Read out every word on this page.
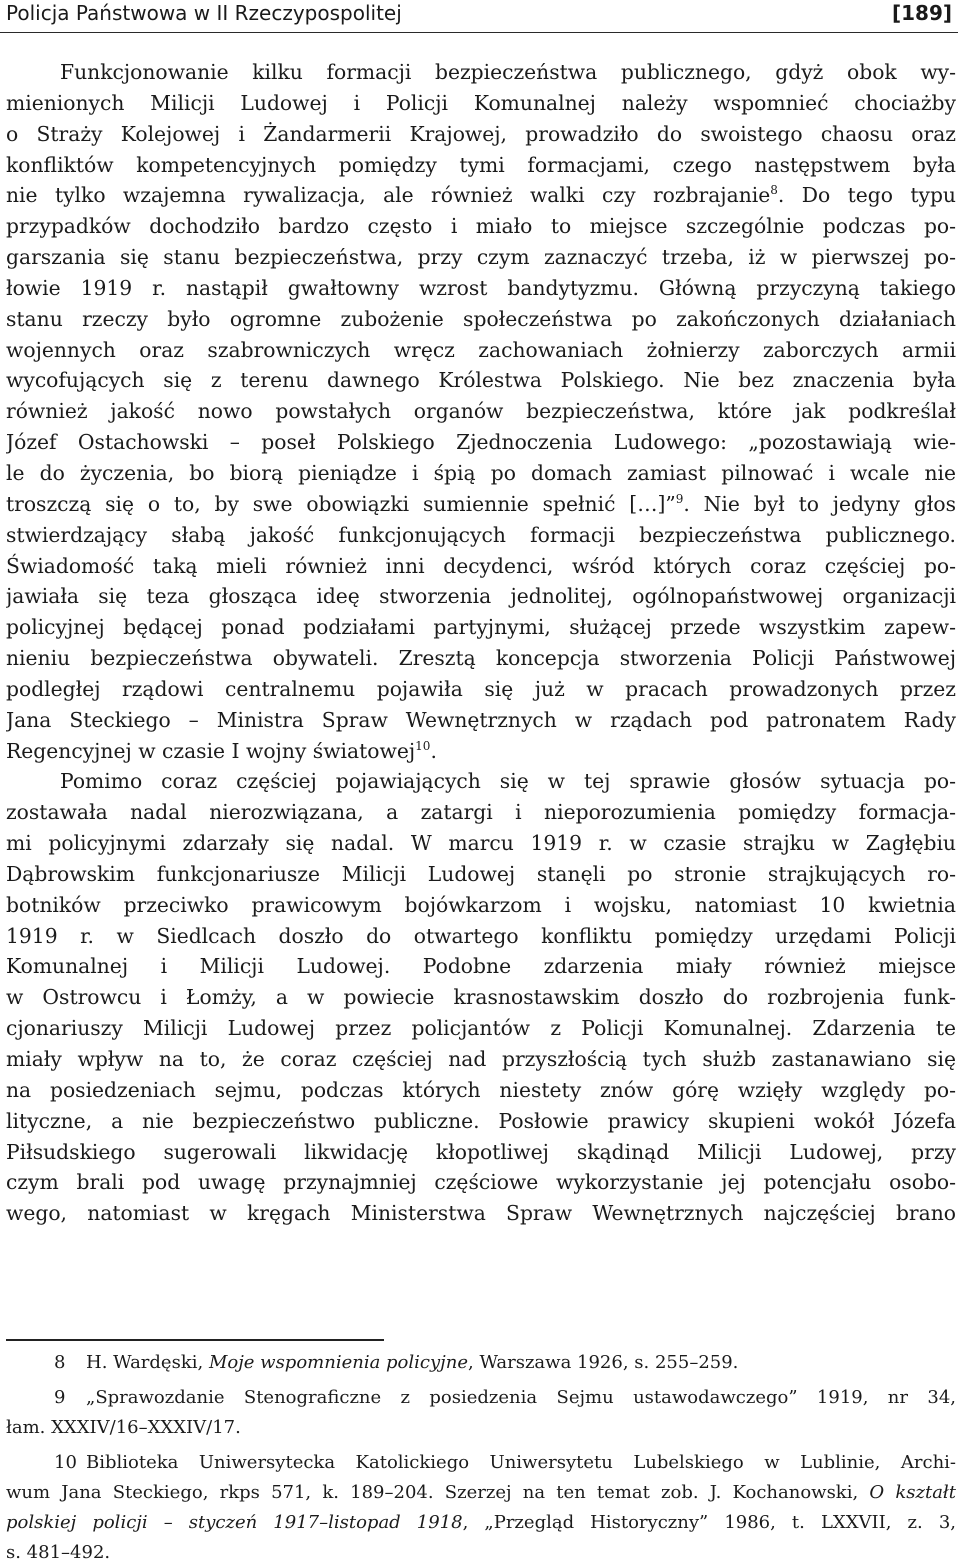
Policja Państwowa w II Rzeczypospolitej	[189]
Funkcjonowanie kilku formacji bezpieczeństwa publicznego, gdyż obok wy-
mienionych Milicji Ludowej i Policji Komunalnej należy wspomnieć chociażby
o Straży Kolejowej i Żandarmerii Krajowej, prowadziło do swoistego chaosu oraz
konfliktów kompetencyjnych pomiędzy tymi formacjami, czego następstwem była
nie tylko wzajemna rywalizacja, ale również walki czy rozbrajanie$^8$. Do tego typu
przypadków dochodziło bardzo często i miało to miejsce szczególnie podczas po-
garszania się stanu bezpieczeństwa, przy czym zaznaczyć trzeba, iż w pierwszej po-
łowie 1919 r. nastąpił gwałtowny wzrost bandytyzmu. Główną przyczyną takiego
stanu rzeczy było ogromne zubożenie społeczeństwa po zakończonych działaniach
wojennych oraz szabrowniczych wręcz zachowaniach żołnierzy zaborczych armii
wycofujących się z terenu dawnego Królestwa Polskiego. Nie bez znaczenia była
również jakość nowo powstałych organów bezpieczeństwa, które jak podkreślał
Józef Ostachowski – poseł Polskiego Zjednoczenia Ludowego: „pozostawiają wie-
le do życzenia, bo biorą pieniądze i śpią po domach zamiast pilnować i wcale nie
troszczą się o to, by swe obowiązki sumiennie spełnić […]”$^9$. Nie był to jedyny głos
stwierdzający słabą jakość funkcjonujących formacji bezpieczeństwa publicznego.
Świadomość taką mieli również inni decydenci, wśród których coraz częściej po-
jawiała się teza głosząca ideę stworzenia jednolitej, ogólnopaństwowej organizacji
policyjnej będącej ponad podziałami partyjnymi, służącej przede wszystkim zapew-
nieniu bezpieczeństwa obywateli. Zresztą koncepcja stworzenia Policji Państwowej
podległej rządowi centralnemu pojawiła się już w pracach prowadzonych przez
Jana Steckiego – Ministra Spraw Wewnętrznych w rządach pod patronatem Rady
Regencyjnej w czasie I wojny światowej$^{10}$.
Pomimo coraz częściej pojawiających się w tej sprawie głosów sytuacja po-
zostawała nadal nierozwiązana, a zatargi i nieporozumienia pomiędzy formacja-
mi policyjnymi zdarzały się nadal. W marcu 1919 r. w czasie strajku w Zagłębiu
Dąbrowskim funkcjonariusze Milicji Ludowej stanęli po stronie strajkujących ro-
botników przeciwko prawicowym bojówkarzom i wojsku, natomiast 10 kwietnia
1919 r. w Siedlcach doszło do otwartego konfliktu pomiędzy urzędami Policji
Komunalnej i Milicji Ludowej. Podobne zdarzenia miały również miejsce
w Ostrowcu i Łomży, a w powiecie krasnostawskim doszło do rozbrojenia funk-
cjonariuszy Milicji Ludowej przez policjantów z Policji Komunalnej. Zdarzenia te
miały wpływ na to, że coraz częściej nad przyszłością tych służb zastanawiano się
na posiedzeniach sejmu, podczas których niestety znów górę wzięły względy po-
lityczne, a nie bezpieczeństwo publiczne. Posłowie prawicy skupieni wokół Józefa
Piłsudskiego sugerowali likwidację kłopotliwej skądinąd Milicji Ludowej, przy
czym brali pod uwagę przynajmniej częściowe wykorzystanie jej potencjału osobo-
wego, natomiast w kręgach Ministerstwa Spraw Wewnętrznych najczęściej brano
8 H. Wardęski, Moje wspomnienia policyjne, Warszawa 1926, s. 255–259.
9 „Sprawozdanie Stenograficzne z posiedzenia Sejmu ustawodawczego” 1919, nr 34,
łam. XXXIV/16–XXXIV/17.
10 Biblioteka Uniwersytecka Katolickiego Uniwersytetu Lubelskiego w Lublinie, Archi-
wum Jana Steckiego, rkps 571, k. 189–204. Szerzej na ten temat zob. J. Kochanowski, O kształt
polskiej policji – styczeń 1917–listopad 1918, „Przegląd Historyczny” 1986, t. LXXVII, z. 3,
s. 481–492.
